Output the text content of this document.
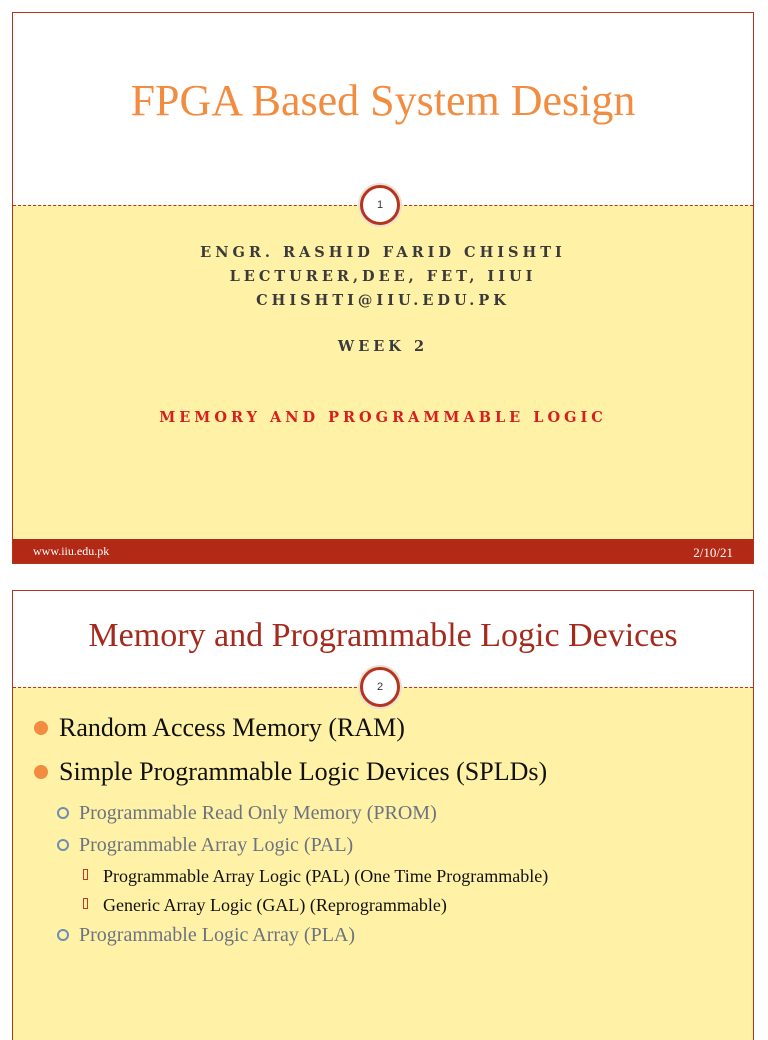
FPGA Based System Design
1
ENGR. RASHID FARID CHISHTI
LECTURER,DEE, FET, IIUI
CHISHTI@IIU.EDU.PK
WEEK 2
MEMORY AND PROGRAMMABLE LOGIC
www.iiu.edu.pk	2/10/21
Memory and Programmable Logic Devices
2
Random Access Memory (RAM)
Simple Programmable Logic Devices (SPLDs)
Programmable Read Only Memory (PROM)
Programmable Array Logic (PAL)
Programmable Array Logic (PAL) (One Time Programmable)
Generic Array Logic (GAL) (Reprogrammable)
Programmable Logic Array (PLA)
